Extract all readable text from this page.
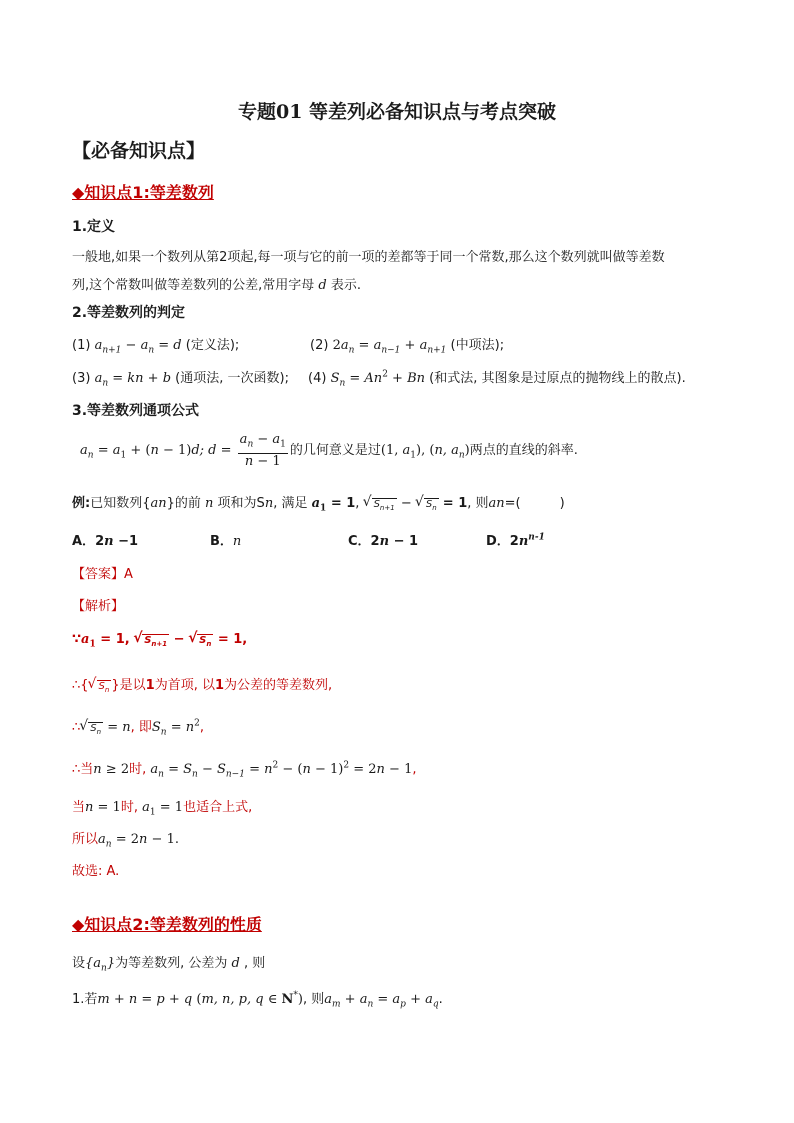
专题01 等差列必备知识点与考点突破
【必备知识点】
◆知识点1:等差数列
1.定义
一般地,如果一个数列从第2项起,每一项与它的前一项的差都等于同一个常数,那么这个数列就叫做等差数
列,这个常数叫做等差数列的公差,常用字母 d 表示.
2.等差数列的判定
(1) $a_{n+1} - a_n = d$ (定义法);	(2) $2a_n = a_{n-1} + a_{n+1}$ (中项法);
(3) $a_n$ = kn + b (通项法, 一次函数); (4) $S_n = An^2 + Bn$ (和式法, 其图象是过原点的抛物线上的散点).
3.等差数列通项公式
$a_n = a_1 + (n - 1)d$; $d = \frac{a_n - a_1}{n - 1}$ 的几何意义是过(1, $a_1$), (n, $a_n$)两点的直线的斜率.
例:已知数列{an}的前 n 项和为Sn, 满足 $a_1 = 1$, √ $S_{n+1}$ − √ $S_n = 1$, 则an=(　　　)
A．2n −1	B．n	C．2n − 1	D．$2n^{n-1}$
【答案】A
【解析】
$\because a_1 = 1$, √ $S_{n+1}$ − √ $S_n = 1$,
∴{ √ $S_n$ }是以1为首项, 以1为公差的等差数列,
∴ √ $S_n = n$, 即$S_n = n^2$,
∴当n ≥ 2时, $a_n = S_n - S_{n-1} = n^2 - (n - 1)^2 = 2n - 1$,
当n = 1时, $a_1 = 1$也适合上式,
所以$a_n = 2n - 1$.
故选: A.
◆知识点2:等差数列的性质
设$\{a_n\}$为等差数列, 公差为 d , 则
1.若m + n = p + q (m, n, p, q ∈ N*), 则$a_m + a_n = a_p + a_q$.
